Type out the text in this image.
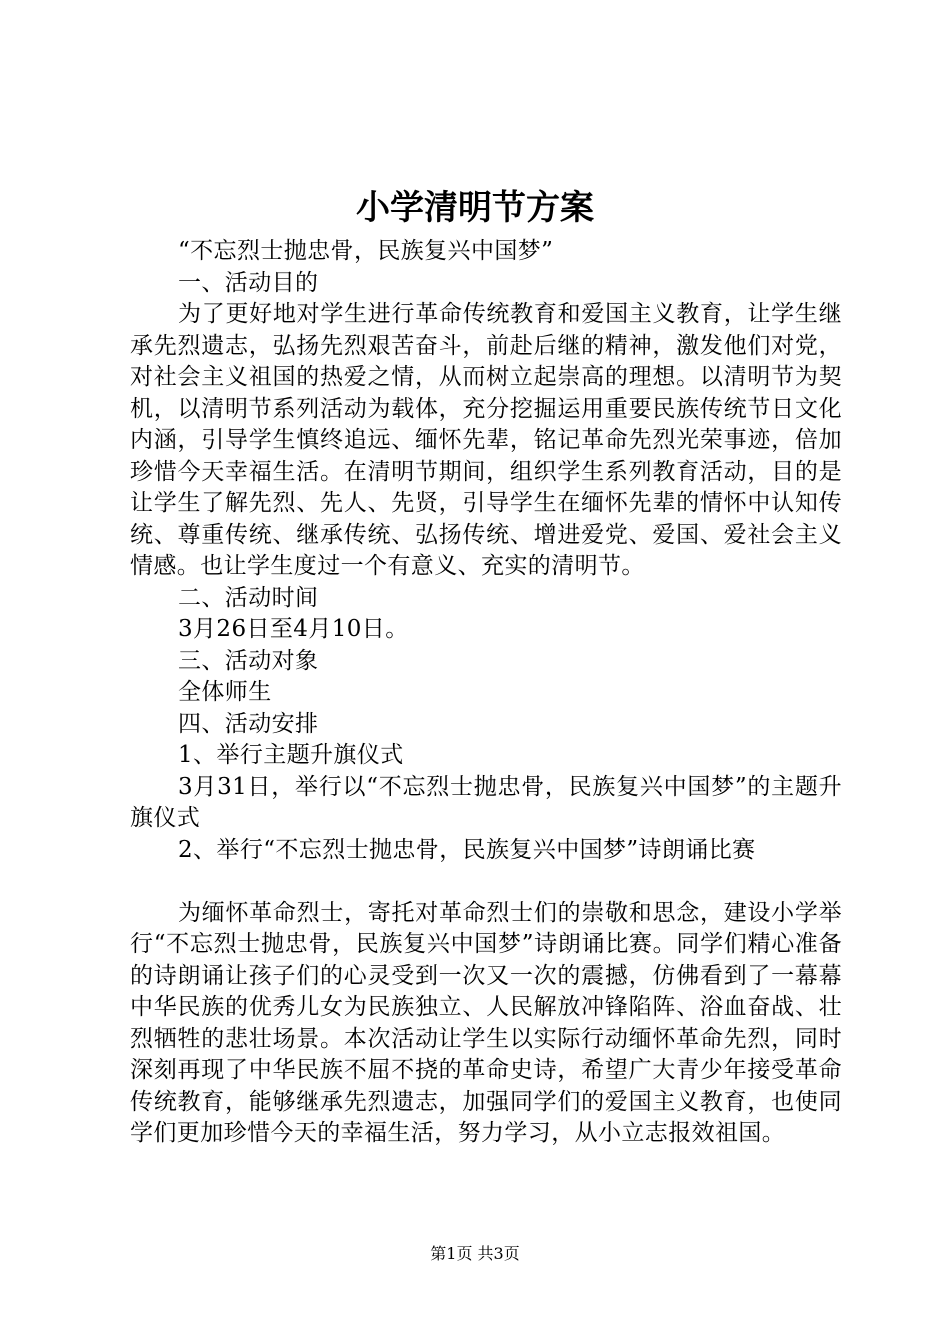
小学清明节方案
“不忘烈士抛忠骨，民族复兴中国梦”
一、活动目的
为了更好地对学生进行革命传统教育和爱国主义教育，让学生继承先烈遗志，弘扬先烈艰苦奋斗，前赴后继的精神，激发他们对党，对社会主义祖国的热爱之情，从而树立起崇高的理想。以清明节为契机，以清明节系列活动为载体，充分挖掘运用重要民族传统节日文化内涵，引导学生慎终追远、缅怀先辈，铭记革命先烈光荣事迹，倍加珍惜今天幸福生活。在清明节期间，组织学生系列教育活动，目的是让学生了解先烈、先人、先贤，引导学生在缅怀先辈的情怀中认知传统、尊重传统、继承传统、弘扬传统、增进爱党、爱国、爱社会主义情感。也让学生度过一个有意义、充实的清明节。
二、活动时间
3月26日至4月10日。
三、活动对象
全体师生
四、活动安排
1、举行主题升旗仪式
3月31日，举行以“不忘烈士抛忠骨，民族复兴中国梦”的主题升旗仪式
2、举行“不忘烈士抛忠骨，民族复兴中国梦”诗朗诵比赛
为缅怀革命烈士，寄托对革命烈士们的崇敬和思念，建设小学举行“不忘烈士抛忠骨，民族复兴中国梦”诗朗诵比赛。同学们精心准备的诗朗诵让孩子们的心灵受到一次又一次的震撼，仿佛看到了一幕幕中华民族的优秀儿女为民族独立、人民解放冲锋陷阵、浴血奋战、壮烈牺牲的悲壮场景。本次活动让学生以实际行动缅怀革命先烈，同时深刻再现了中华民族不屈不挠的革命史诗，希望广大青少年接受革命传统教育，能够继承先烈遗志，加强同学们的爱国主义教育，也使同学们更加珍惜今天的幸福生活，努力学习，从小立志报效祖国。
第1页 共3页
